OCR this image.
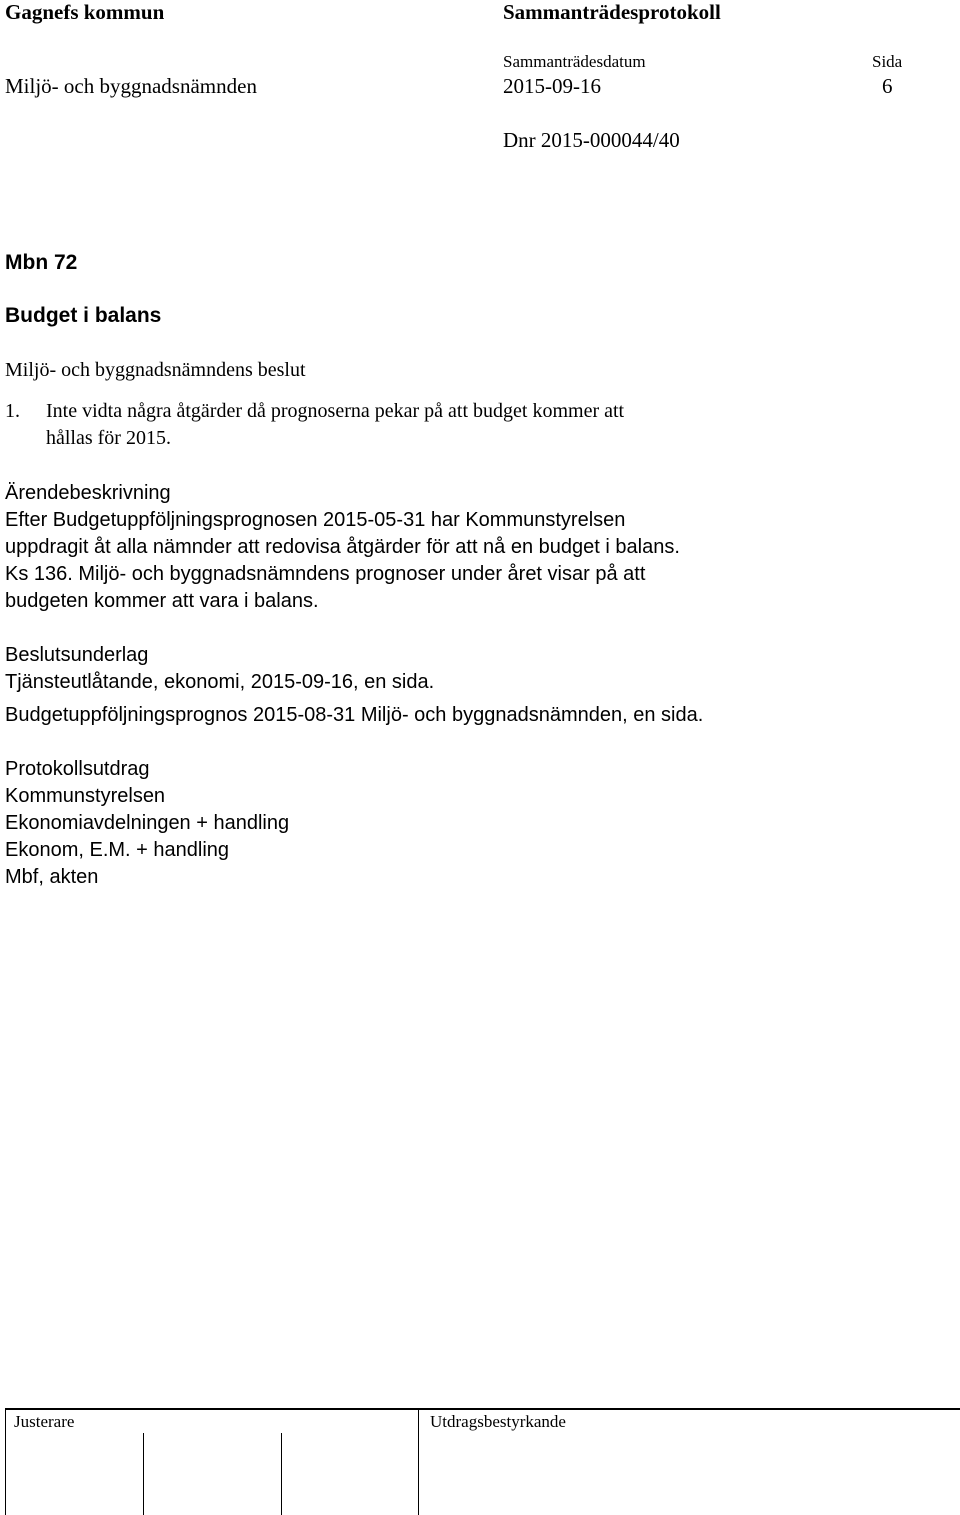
Gagnefs kommun	Sammanträdesprotokoll
Sammanträdesdatum	Sida
Miljö- och byggnadsnämnden	2015-09-16	6
Dnr 2015-000044/40
Mbn 72
Budget i balans
Miljö- och byggnadsnämndens beslut
1. Inte vidta några åtgärder då prognoserna pekar på att budget kommer att
hållas för 2015.
Ärendebeskrivning
Efter Budgetuppföljningsprognosen 2015-05-31 har Kommunstyrelsen
uppdragit åt alla nämnder att redovisa åtgärder för att nå en budget i balans.
Ks 136. Miljö- och byggnadsnämndens prognoser under året visar på att
budgeten kommer att vara i balans.
Beslutsunderlag
Tjänsteutlåtande, ekonomi, 2015-09-16, en sida.
Budgetuppföljningsprognos 2015-08-31 Miljö- och byggnadsnämnden, en sida.
Protokollsutdrag
Kommunstyrelsen
Ekonomiavdelningen + handling
Ekonom, E.M. + handling
Mbf, akten
Justerare	Utdragsbestyrkande
